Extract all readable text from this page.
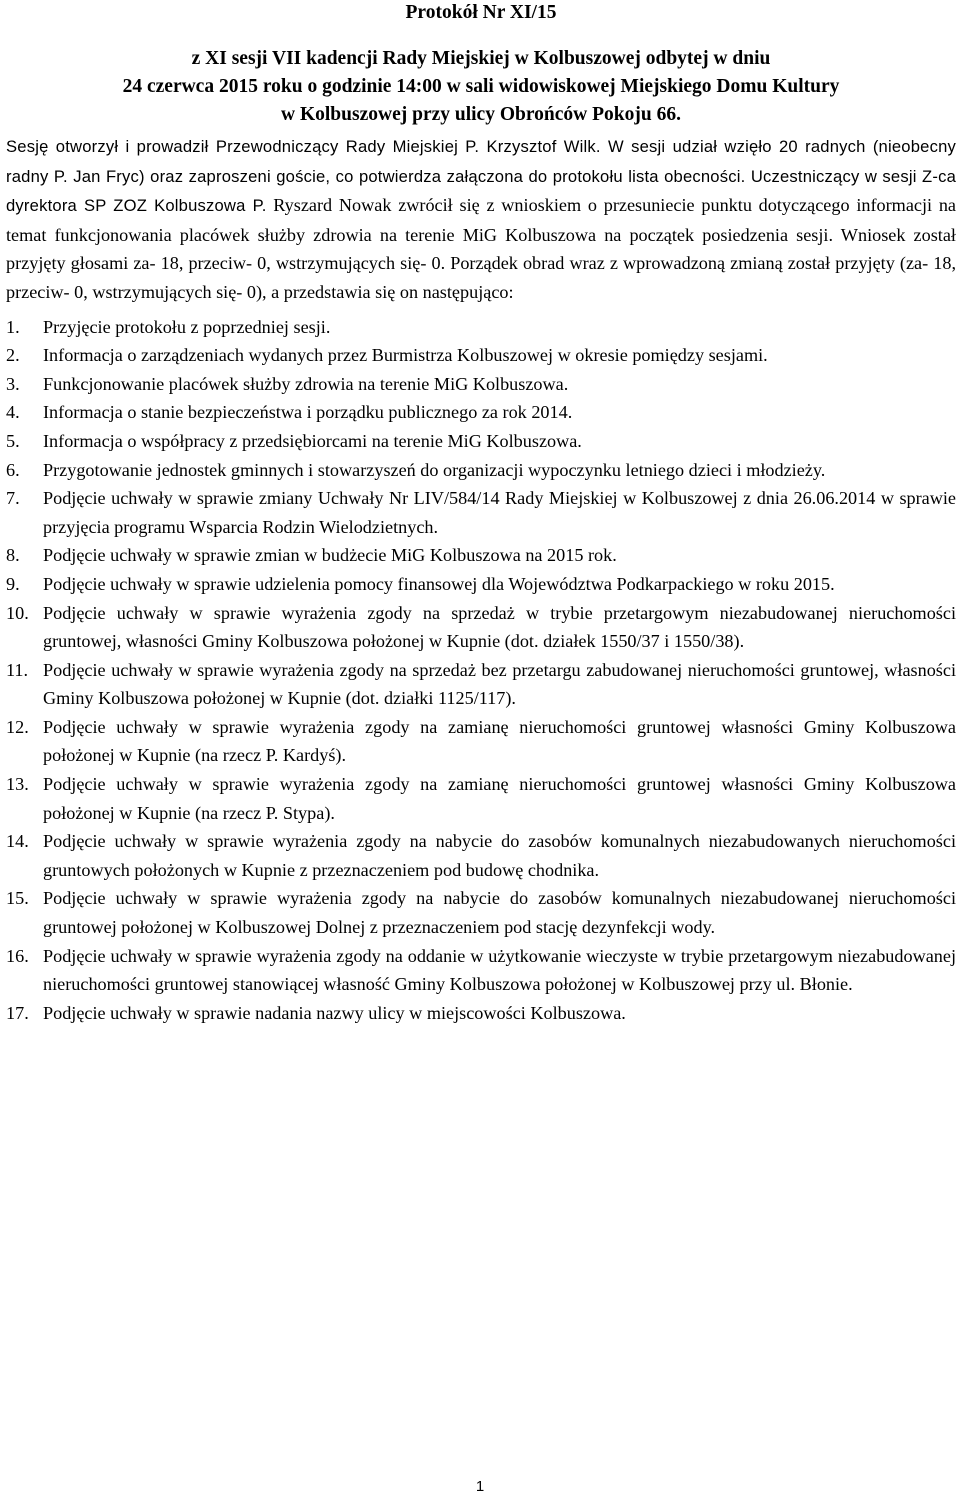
Protokół Nr XI/15
z XI sesji VII kadencji Rady Miejskiej w Kolbuszowej odbytej w dniu
24 czerwca 2015 roku o godzinie 14:00 w sali widowiskowej Miejskiego Domu Kultury
w Kolbuszowej przy ulicy Obrońców Pokoju 66.

Sesję otworzył i prowadził Przewodniczący Rady Miejskiej P. Krzysztof Wilk. W sesji udział wzięło 20 radnych (nieobecny radny P. Jan Fryc) oraz zaproszeni goście, co potwierdza załączona do protokołu lista obecności. Uczestniczący w sesji Z-ca dyrektora SP ZOZ Kolbuszowa P. Ryszard Nowak zwrócił się z wnioskiem o przesuniecie punktu dotyczącego informacji na temat funkcjonowania placówek służby zdrowia na terenie MiG Kolbuszowa na początek posiedzenia sesji. Wniosek został przyjęty głosami za- 18, przeciw- 0, wstrzymujących się- 0. Porządek obrad wraz z wprowadzoną zmianą został przyjęty (za- 18, przeciw- 0, wstrzymujących się- 0), a przedstawia się on następująco:

1. Przyjęcie protokołu z poprzedniej sesji.
2. Informacja o zarządzeniach wydanych przez Burmistrza Kolbuszowej w okresie pomiędzy sesjami.
3. Funkcjonowanie placówek służby zdrowia na terenie MiG Kolbuszowa.
4. Informacja o stanie bezpieczeństwa i porządku publicznego za rok 2014.
5. Informacja o współpracy z przedsiębiorcami na terenie MiG Kolbuszowa.
6. Przygotowanie jednostek gminnych i stowarzyszeń do organizacji wypoczynku letniego dzieci i młodzieży.
7. Podjęcie uchwały w sprawie zmiany Uchwały Nr LIV/584/14 Rady Miejskiej w Kolbuszowej z dnia 26.06.2014 w sprawie przyjęcia programu Wsparcia Rodzin Wielodzietnych.
8. Podjęcie uchwały w sprawie zmian w budżecie MiG Kolbuszowa na 2015 rok.
9. Podjęcie uchwały w sprawie udzielenia pomocy finansowej dla Województwa Podkarpackiego w roku 2015.
10. Podjęcie uchwały w sprawie wyrażenia zgody na sprzedaż w trybie przetargowym niezabudowanej nieruchomości gruntowej, własności Gminy Kolbuszowa położonej w Kupnie (dot. działek 1550/37 i 1550/38).
11. Podjęcie uchwały w sprawie wyrażenia zgody na sprzedaż bez przetargu zabudowanej nieruchomości gruntowej, własności Gminy Kolbuszowa położonej w Kupnie (dot. działki 1125/117).
12. Podjęcie uchwały w sprawie wyrażenia zgody na zamianę nieruchomości gruntowej własności Gminy Kolbuszowa położonej w Kupnie (na rzecz P. Kardyś).
13. Podjęcie uchwały w sprawie wyrażenia zgody na zamianę nieruchomości gruntowej własności Gminy Kolbuszowa położonej w Kupnie (na rzecz P. Stypa).
14. Podjęcie uchwały w sprawie wyrażenia zgody na nabycie do zasobów komunalnych niezabudowanych nieruchomości gruntowych położonych w Kupnie z przeznaczeniem pod budowę chodnika.
15. Podjęcie uchwały w sprawie wyrażenia zgody na nabycie do zasobów komunalnych niezabudowanej nieruchomości gruntowej położonej w Kolbuszowej Dolnej z przeznaczeniem pod stację dezynfekcji wody.
16. Podjęcie uchwały w sprawie wyrażenia zgody na oddanie w użytkowanie wieczyste w trybie przetargowym niezabudowanej nieruchomości gruntowej stanowiącej własność Gminy Kolbuszowa położonej w Kolbuszowej przy ul. Błonie.
17. Podjęcie uchwały w sprawie nadania nazwy ulicy w miejscowości Kolbuszowa.
1
